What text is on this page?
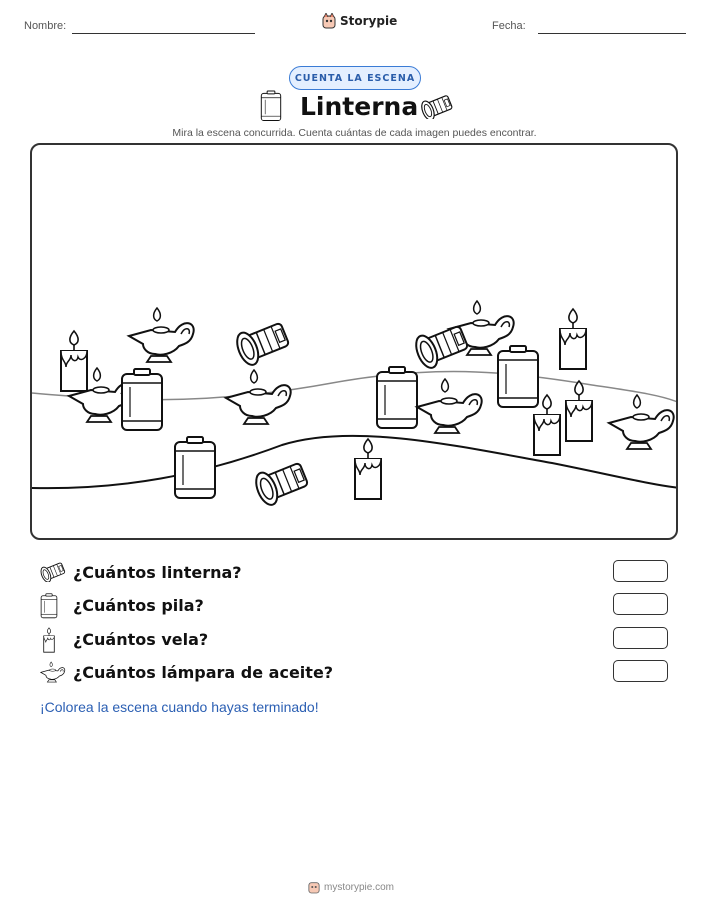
Nombre:	Storypie	Fecha:
CUENTA LA ESCENA
Linterna
Mira la escena concurrida. Cuenta cuántas de cada imagen puedes encontrar.
¿Cuántos linterna?
¿Cuántos pila?
¿Cuántos vela?
¿Cuántos lámpara de aceite?
¡Colorea la escena cuando hayas terminado!
mystorypie.com
